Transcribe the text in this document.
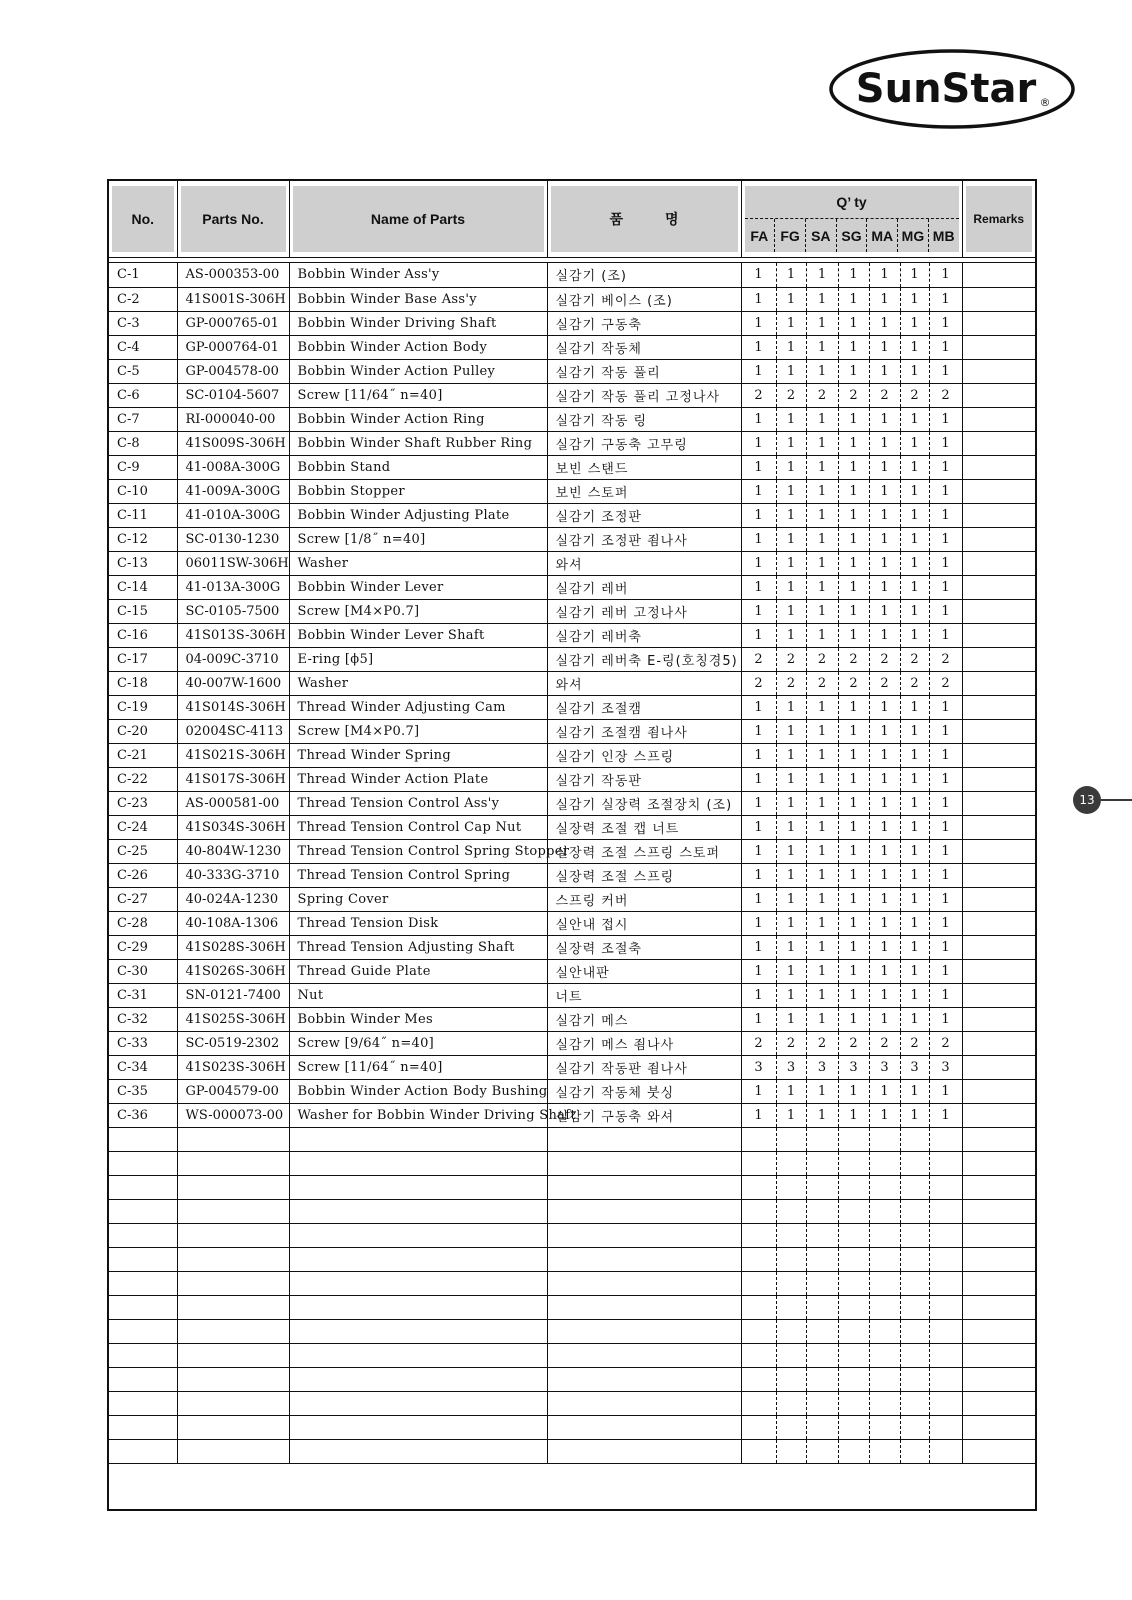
SunStar ®
13
No.	Parts No.	Name of Parts	품　　　명

Q’ ty
FA FG SA SG MA MG MB

Remarks
C-1	AS-000353-00	Bobbin Winder Ass'y	실감기 (조)	1	1	1	1	1	1	1	
C-2	41S001S-306H	Bobbin Winder Base Ass'y	실감기 베이스 (조)	1	1	1	1	1	1	1	
C-3	GP-000765-01	Bobbin Winder Driving Shaft	실감기 구동축	1	1	1	1	1	1	1	
C-4	GP-000764-01	Bobbin Winder Action Body	실감기 작동체	1	1	1	1	1	1	1	
C-5	GP-004578-00	Bobbin Winder Action Pulley	실감기 작동 풀리	1	1	1	1	1	1	1	
C-6	SC-0104-5607	Screw [11/64˝ n=40]	실감기 작동 풀리 고정나사	2	2	2	2	2	2	2	
C-7	RI-000040-00	Bobbin Winder Action Ring	실감기 작동 링	1	1	1	1	1	1	1	
C-8	41S009S-306H	Bobbin Winder Shaft Rubber Ring	실감기 구동축 고무링	1	1	1	1	1	1	1	
C-9	41-008A-300G	Bobbin Stand	보빈 스탠드	1	1	1	1	1	1	1	
C-10	41-009A-300G	Bobbin Stopper	보빈 스토퍼	1	1	1	1	1	1	1	
C-11	41-010A-300G	Bobbin Winder Adjusting Plate	실감기 조정판	1	1	1	1	1	1	1	
C-12	SC-0130-1230	Screw [1/8˝ n=40]	실감기 조정판 죔나사	1	1	1	1	1	1	1	
C-13	06011SW-306H	Washer	와셔	1	1	1	1	1	1	1	
C-14	41-013A-300G	Bobbin Winder Lever	실감기 레버	1	1	1	1	1	1	1	
C-15	SC-0105-7500	Screw [M4×P0.7]	실감기 레버 고정나사	1	1	1	1	1	1	1	
C-16	41S013S-306H	Bobbin Winder Lever Shaft	실감기 레버축	1	1	1	1	1	1	1	
C-17	04-009C-3710	E-ring [ϕ5]	실감기 레버축 E-링(호칭경5)	2	2	2	2	2	2	2	
C-18	40-007W-1600	Washer	와셔	2	2	2	2	2	2	2	
C-19	41S014S-306H	Thread Winder Adjusting Cam	실감기 조절캠	1	1	1	1	1	1	1	
C-20	02004SC-4113	Screw [M4×P0.7]	실감기 조절캠 죔나사	1	1	1	1	1	1	1	
C-21	41S021S-306H	Thread Winder Spring	실감기 인장 스프링	1	1	1	1	1	1	1	
C-22	41S017S-306H	Thread Winder Action Plate	실감기 작동판	1	1	1	1	1	1	1	
C-23	AS-000581-00	Thread Tension Control Ass'y	실감기 실장력 조절장치 (조)	1	1	1	1	1	1	1	
C-24	41S034S-306H	Thread Tension Control Cap Nut	실장력 조절 캡 너트	1	1	1	1	1	1	1	
C-25	40-804W-1230	Thread Tension Control Spring Stopper	실장력 조절 스프링 스토퍼	1	1	1	1	1	1	1	
C-26	40-333G-3710	Thread Tension Control Spring	실장력 조절 스프링	1	1	1	1	1	1	1	
C-27	40-024A-1230	Spring Cover	스프링 커버	1	1	1	1	1	1	1	
C-28	40-108A-1306	Thread Tension Disk	실안내 접시	1	1	1	1	1	1	1	
C-29	41S028S-306H	Thread Tension Adjusting Shaft	실장력 조절축	1	1	1	1	1	1	1	
C-30	41S026S-306H	Thread Guide Plate	실안내판	1	1	1	1	1	1	1	
C-31	SN-0121-7400	Nut	너트	1	1	1	1	1	1	1	
C-32	41S025S-306H	Bobbin Winder Mes	실감기 메스	1	1	1	1	1	1	1	
C-33	SC-0519-2302	Screw [9/64˝ n=40]	실감기 메스 죔나사	2	2	2	2	2	2	2	
C-34	41S023S-306H	Screw [11/64˝ n=40]	실감기 작동판 죔나사	3	3	3	3	3	3	3	
C-35	GP-004579-00	Bobbin Winder Action Body Bushing	실감기 작동체 붓싱	1	1	1	1	1	1	1	
C-36	WS-000073-00	Washer for Bobbin Winder Driving Shaft	실감기 구동축 와셔	1	1	1	1	1	1	1	
